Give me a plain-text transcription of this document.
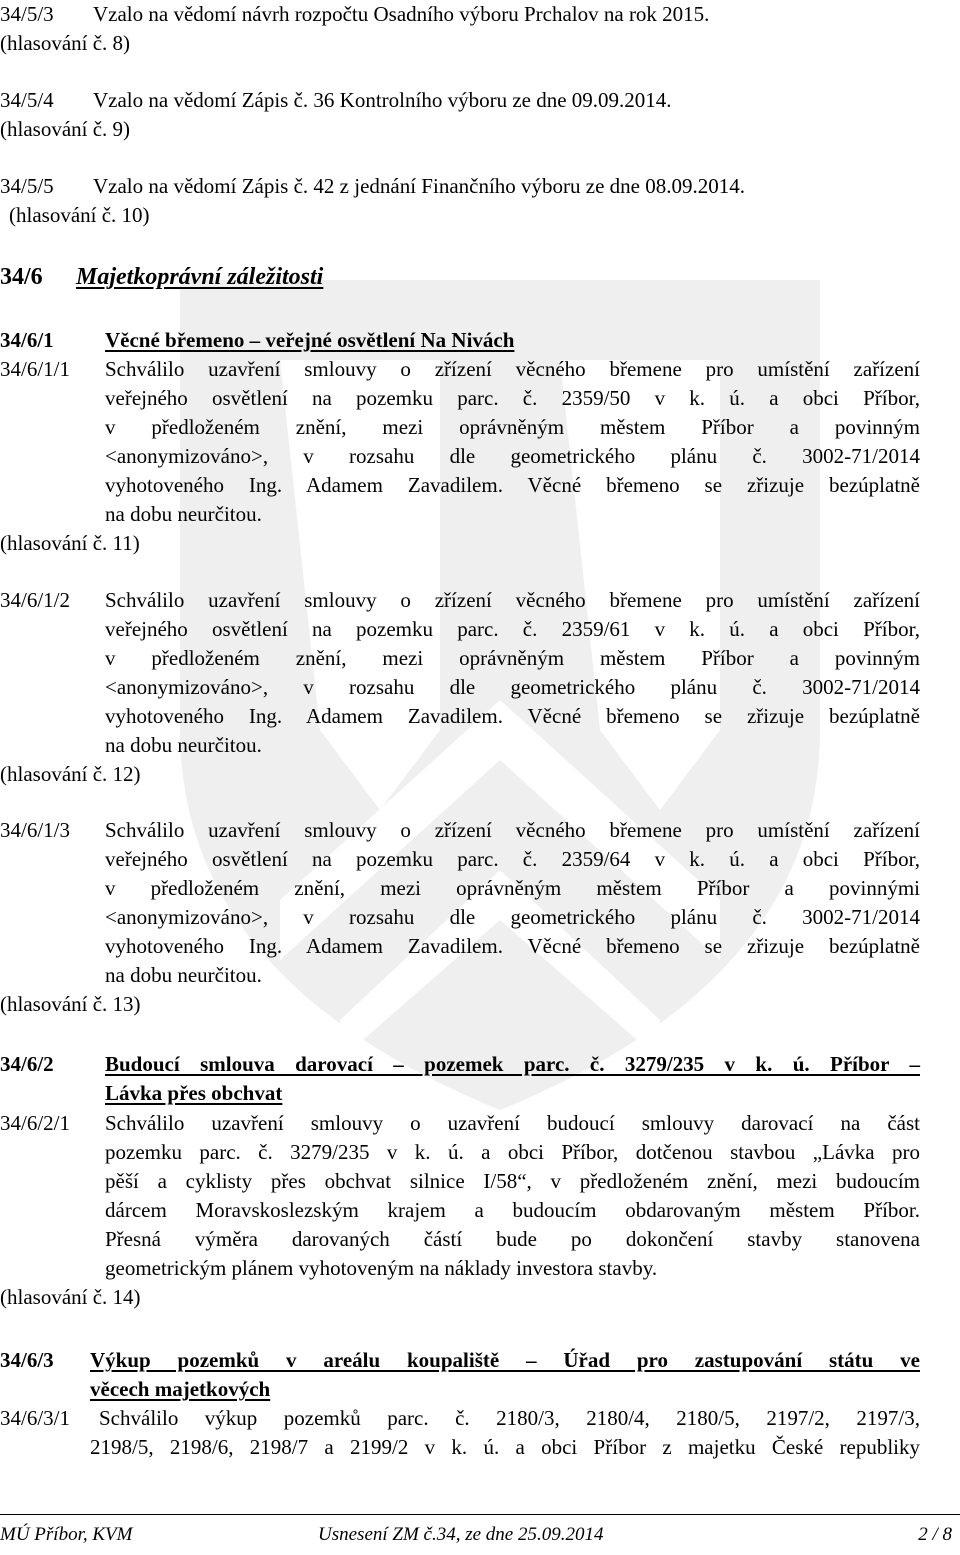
34/5/3 Vzalo na vědomí návrh rozpočtu Osadního výboru Prchalov na rok 2015.
(hlasování č. 8)
34/5/4 Vzalo na vědomí Zápis č. 36 Kontrolního výboru ze dne 09.09.2014.
(hlasování č. 9)
34/5/5 Vzalo na vědomí Zápis č. 42 z jednání Finančního výboru ze dne 08.09.2014.
(hlasování č. 10)
34/6 Majetkoprávní záležitosti
34/6/1 Věcné břemeno – veřejné osvětlení Na Nivách
34/6/1/1 Schválilo uzavření smlouvy o zřízení věcného břemene pro umístění zařízení
veřejného osvětlení na pozemku parc. č. 2359/50 v k. ú. a obci Příbor,
v předloženém znění, mezi oprávněným městem Příbor a povinným
<anonymizováno>, v rozsahu dle geometrického plánu č. 3002-71/2014
vyhotoveného Ing. Adamem Zavadilem. Věcné břemeno se zřizuje bezúplatně
na dobu neurčitou.
(hlasování č. 11)
34/6/1/2 Schválilo uzavření smlouvy o zřízení věcného břemene pro umístění zařízení
veřejného osvětlení na pozemku parc. č. 2359/61 v k. ú. a obci Příbor,
v předloženém znění, mezi oprávněným městem Příbor a povinným
<anonymizováno>, v rozsahu dle geometrického plánu č. 3002-71/2014
vyhotoveného Ing. Adamem Zavadilem. Věcné břemeno se zřizuje bezúplatně
na dobu neurčitou.
(hlasování č. 12)
34/6/1/3 Schválilo uzavření smlouvy o zřízení věcného břemene pro umístění zařízení
veřejného osvětlení na pozemku parc. č. 2359/64 v k. ú. a obci Příbor,
v předloženém znění, mezi oprávněným městem Příbor a povinnými
<anonymizováno>, v rozsahu dle geometrického plánu č. 3002-71/2014
vyhotoveného Ing. Adamem Zavadilem. Věcné břemeno se zřizuje bezúplatně
na dobu neurčitou.
(hlasování č. 13)
34/6/2 Budoucí smlouva darovací – pozemek parc. č. 3279/235 v k. ú. Příbor –
Lávka přes obchvat
34/6/2/1 Schválilo uzavření smlouvy o uzavření budoucí smlouvy darovací na část
pozemku parc. č. 3279/235 v k. ú. a obci Příbor, dotčenou stavbou „Lávka pro
pěší a cyklisty přes obchvat silnice I/58“, v předloženém znění, mezi budoucím
dárcem Moravskoslezským krajem a budoucím obdarovaným městem Příbor.
Přesná výměra darovaných částí bude po dokončení stavby stanovena
geometrickým plánem vyhotoveným na náklady investora stavby.
(hlasování č. 14)
34/6/3 Výkup pozemků v areálu koupaliště – Úřad pro zastupování státu ve
věcech majetkových
34/6/3/1 Schválilo výkup pozemků parc. č. 2180/3, 2180/4, 2180/5, 2197/2, 2197/3,
2198/5, 2198/6, 2198/7 a 2199/2 v k. ú. a obci Příbor z majetku České republiky
MÚ Příbor, KVM	Usnesení ZM č.34, ze dne 25.09.2014	2 / 8
